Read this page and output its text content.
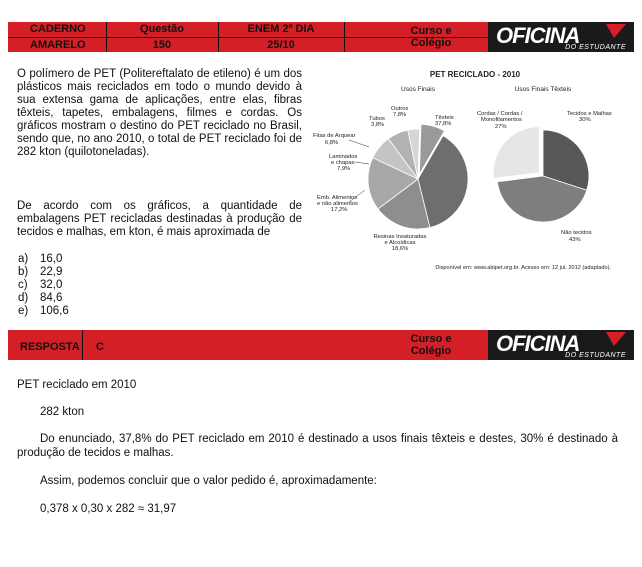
CADERNO
AMARELO
Questão
150
ENEM 2º DIA
25/10
Curso e Colégio OFICINA
DO ESTUDANTE
O polímero de PET (Politereftalato de etileno) é um dos plásticos mais reciclados em todo o mundo devido à sua extensa gama de aplicações, entre elas, fibras têxteis, tapetes, embalagens, filmes e cordas. Os gráficos mostram o destino do PET reciclado no Brasil, sendo que, no ano 2010, o total de PET reciclado foi de 282 kton (quilotoneladas).
De acordo com os gráficos, a quantidade de embalagens PET recicladas destinadas à produção de tecidos e malhas, em kton, é mais aproximada de
a) 16,0
b) 22,9
c) 32,0
d) 84,6
e) 106,6
PET RECICLADO - 2010
Usos Finais	Usos Finais Têxteis
Têxteis
37,8%
Resinas Insaturadas
e Alcoídicas
18,6%
Emb. Alimentos
e não alimentos
17,2%
Laminados
e chapas
7,9%
Fitas de Arquear
6,8%
Tubos
3,8%
Outros
7,8%	Tecidos e Malhas
30%
Cordas / Cordas /
Monofilamentos
27%
Não tecidos
43%
Disponível em: www.abipet.org.br. Acesso em: 12 jul. 2012 (adaptado).
RESPOSTA C
Curso e Colégio OFICINA
DO ESTUDANTE
PET reciclado em 2010
282 kton
Do enunciado, 37,8% do PET reciclado em 2010 é destinado a usos finais têxteis e destes, 30% é destinado à produção de tecidos e malhas.
Assim, podemos concluir que o valor pedido é, aproximadamente:
0,378 x 0,30 x 282 ≈ 31,97
